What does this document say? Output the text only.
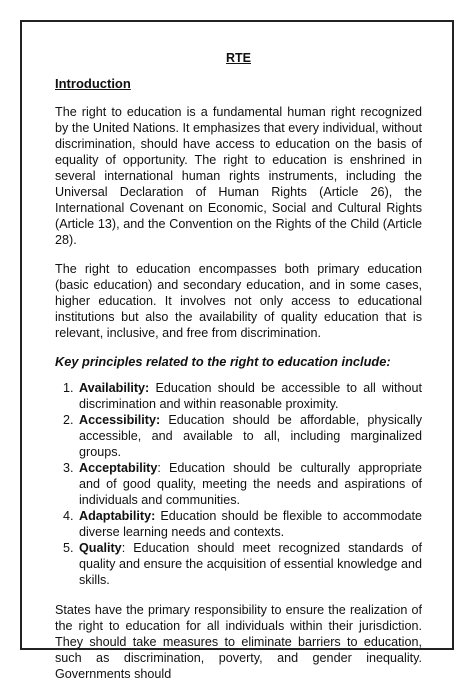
RTE
Introduction

The right to education is a fundamental human right recognized by the United Nations. It emphasizes that every individual, without discrimination, should have access to education on the basis of equality of opportunity. The right to education is enshrined in several international human rights instruments, including the Universal Declaration of Human Rights (Article 26), the International Covenant on Economic, Social and Cultural Rights (Article 13), and the Convention on the Rights of the Child (Article 28).

The right to education encompasses both primary education (basic education) and secondary education, and in some cases, higher education. It involves not only access to educational institutions but also the availability of quality education that is relevant, inclusive, and free from discrimination.

Key principles related to the right to education include:
1. Availability: Education should be accessible to all without discrimination and within reasonable proximity.
2. Accessibility: Education should be affordable, physically accessible, and available to all, including marginalized groups.
3. Acceptability: Education should be culturally appropriate and of good quality, meeting the needs and aspirations of individuals and communities.
4. Adaptability: Education should be flexible to accommodate diverse learning needs and contexts.
5. Quality: Education should meet recognized standards of quality and ensure the acquisition of essential knowledge and skills.

States have the primary responsibility to ensure the realization of the right to education for all individuals within their jurisdiction. They should take measures to eliminate barriers to education, such as discrimination, poverty, and gender inequality. Governments should
